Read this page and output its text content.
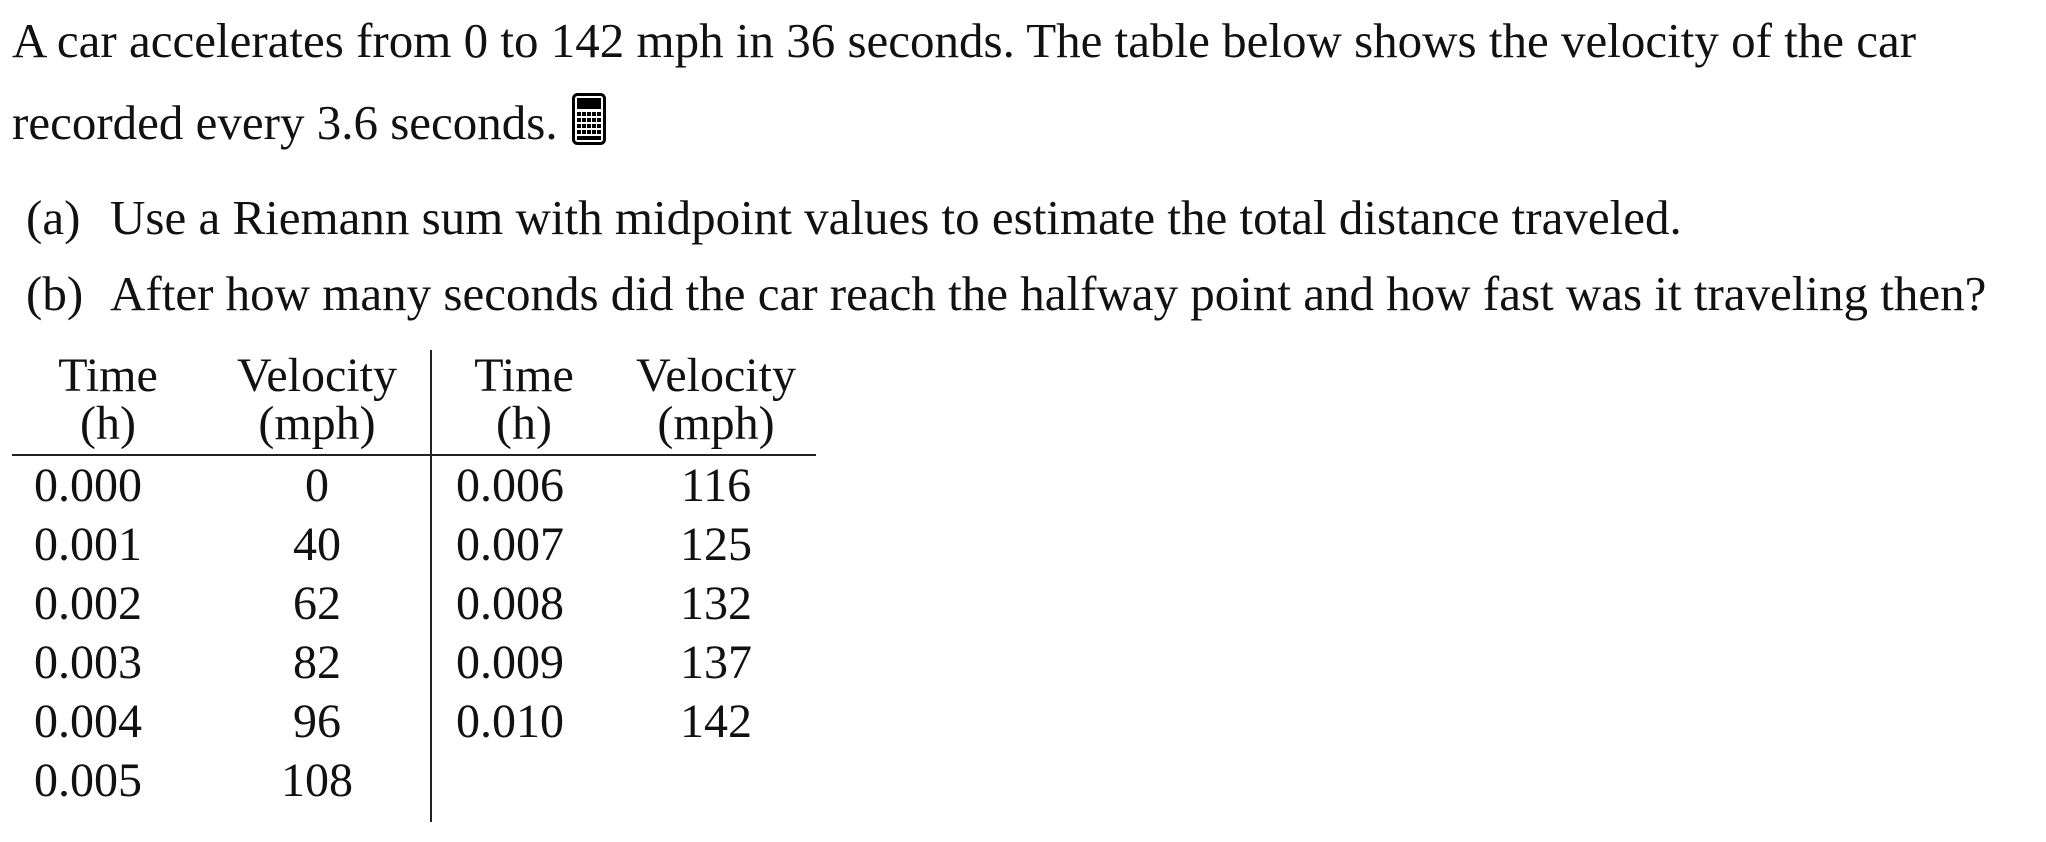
A car accelerates from 0 to 142 mph in 36 seconds. The table below shows the velocity of the car
recorded every 3.6 seconds.

(a) Use a Riemann sum with midpoint values to estimate the total distance traveled.
(b) After how many seconds did the car reach the halfway point and how fast was it traveling then?
Time	Velocity	Time	Velocity
(h)	(mph)	(h)	(mph)
0.000	0	0.006	116
0.001	40	0.007	125
0.002	62	0.008	132
0.003	82	0.009	137
0.004	96	0.010	142
0.005	108		
